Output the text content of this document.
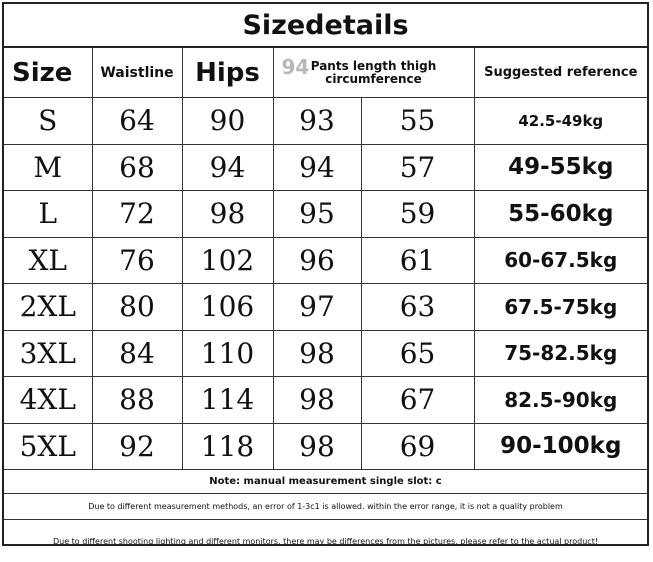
Sizedetails
Size	Waistline	Hips	94 Pants length thigh circumference		Suggested reference
S	64	90	93	55	42.5-49kg
M	68	94	94	57	49-55kg
L	72	98	95	59	55-60kg
XL	76	102	96	61	60-67.5kg
2XL	80	106	97	63	67.5-75kg
3XL	84	110	98	65	75-82.5kg
4XL	88	114	98	67	82.5-90kg
5XL	92	118	98	69	90-100kg
Note: manual measurement single slot: c
Due to different measurement methods, an error of 1-3c1 is allowed. within the error range, it is not a quality problem
Due to different shooting lighting and different monitors, there may be differences from the pictures, please refer to the actual product!
